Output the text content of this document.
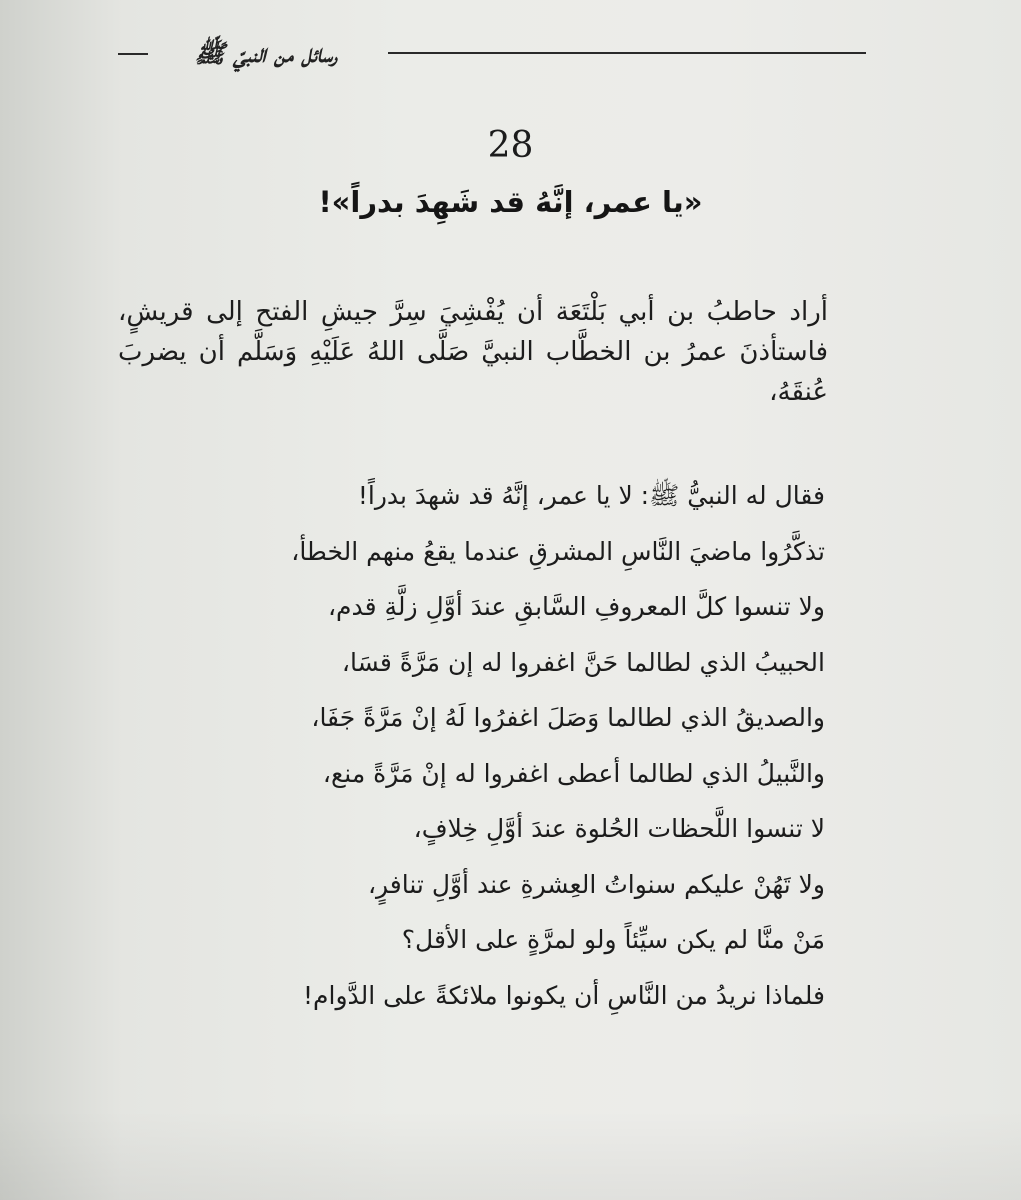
رسائل من النبيّ ﷺ
28
«يا عمر، إنَّهُ قد شَهِدَ بدراً»!

أراد حاطبُ بن أبي بَلْتَعَة أن يُفْشِيَ سِرَّ جيشِ الفتح إلى قريشٍ، فاستأذنَ عمرُ بن الخطَّاب النبيَّ صَلَّى اللهُ عَلَيْهِ وَسَلَّم أن يضربَ عُنقَهُ،

فقال له النبيُّ ﷺ: لا يا عمر، إنَّهُ قد شهدَ بدراً!
تذكَّرُوا ماضيَ النَّاسِ المشرقِ عندما يقعُ منهم الخطأ،
ولا تنسوا كلَّ المعروفِ السَّابقِ عندَ أوَّلِ زلَّةِ قدم،
الحبيبُ الذي لطالما حَنَّ اغفروا له إن مَرَّةً قسَا،
والصديقُ الذي لطالما وَصَلَ اغفرُوا لَهُ إنْ مَرَّةً جَفَا،
والنَّبيلُ الذي لطالما أعطى اغفروا له إنْ مَرَّةً منع،
لا تنسوا اللَّحظات الحُلوة عندَ أوَّلِ خِلافٍ،
ولا تَهُنْ عليكم سنواتُ العِشرةِ عند أوَّلِ تنافرٍ،
مَنْ منَّا لم يكن سيِّئاً ولو لمرَّةٍ على الأقل؟
فلماذا نريدُ من النَّاسِ أن يكونوا ملائكةً على الدَّوام!
